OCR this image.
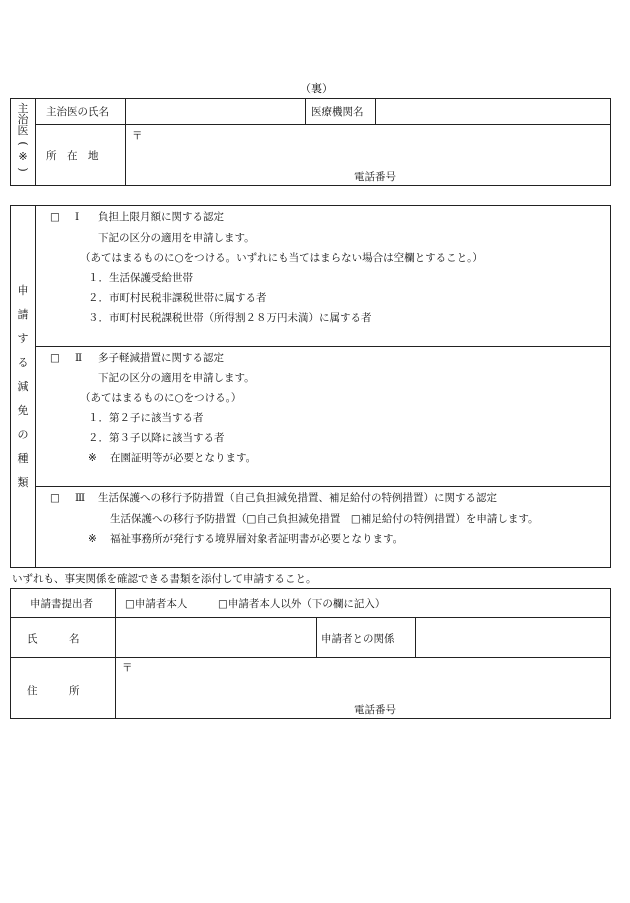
（裏）
主
治
医
(
※
)
主治医の氏名	医療機関名
所　在　地
〒
電話番号
申
請
す
る
減
免
の
種
類
□ Ⅰ 負担上限月額に関する認定
下記の区分の適用を申請します。
（あてはまるものに○をつける。いずれにも当てはまらない場合は空欄とすること。）
１．生活保護受給世帯
２．市町村民税非課税世帯に属する者
３．市町村民税課税世帯（所得割２８万円未満）に属する者
□ Ⅱ 多子軽減措置に関する認定
下記の区分の適用を申請します。
（あてはまるものに○をつける。）
１．第２子に該当する者
２．第３子以降に該当する者
※ 在園証明等が必要となります。
□ Ⅲ 生活保護への移行予防措置（自己負担減免措置、補足給付の特例措置）に関する認定
生活保護への移行予防措置（□自己負担減免措置　□補足給付の特例措置）を申請します。
※ 福祉事務所が発行する境界層対象者証明書が必要となります。
いずれも、事実関係を確認できる書類を添付して申請すること。
申請書提出者	□申請者本人	□申請者本人以外（下の欄に記入）
氏　　　名	申請者との関係
住　　　所
〒
電話番号
